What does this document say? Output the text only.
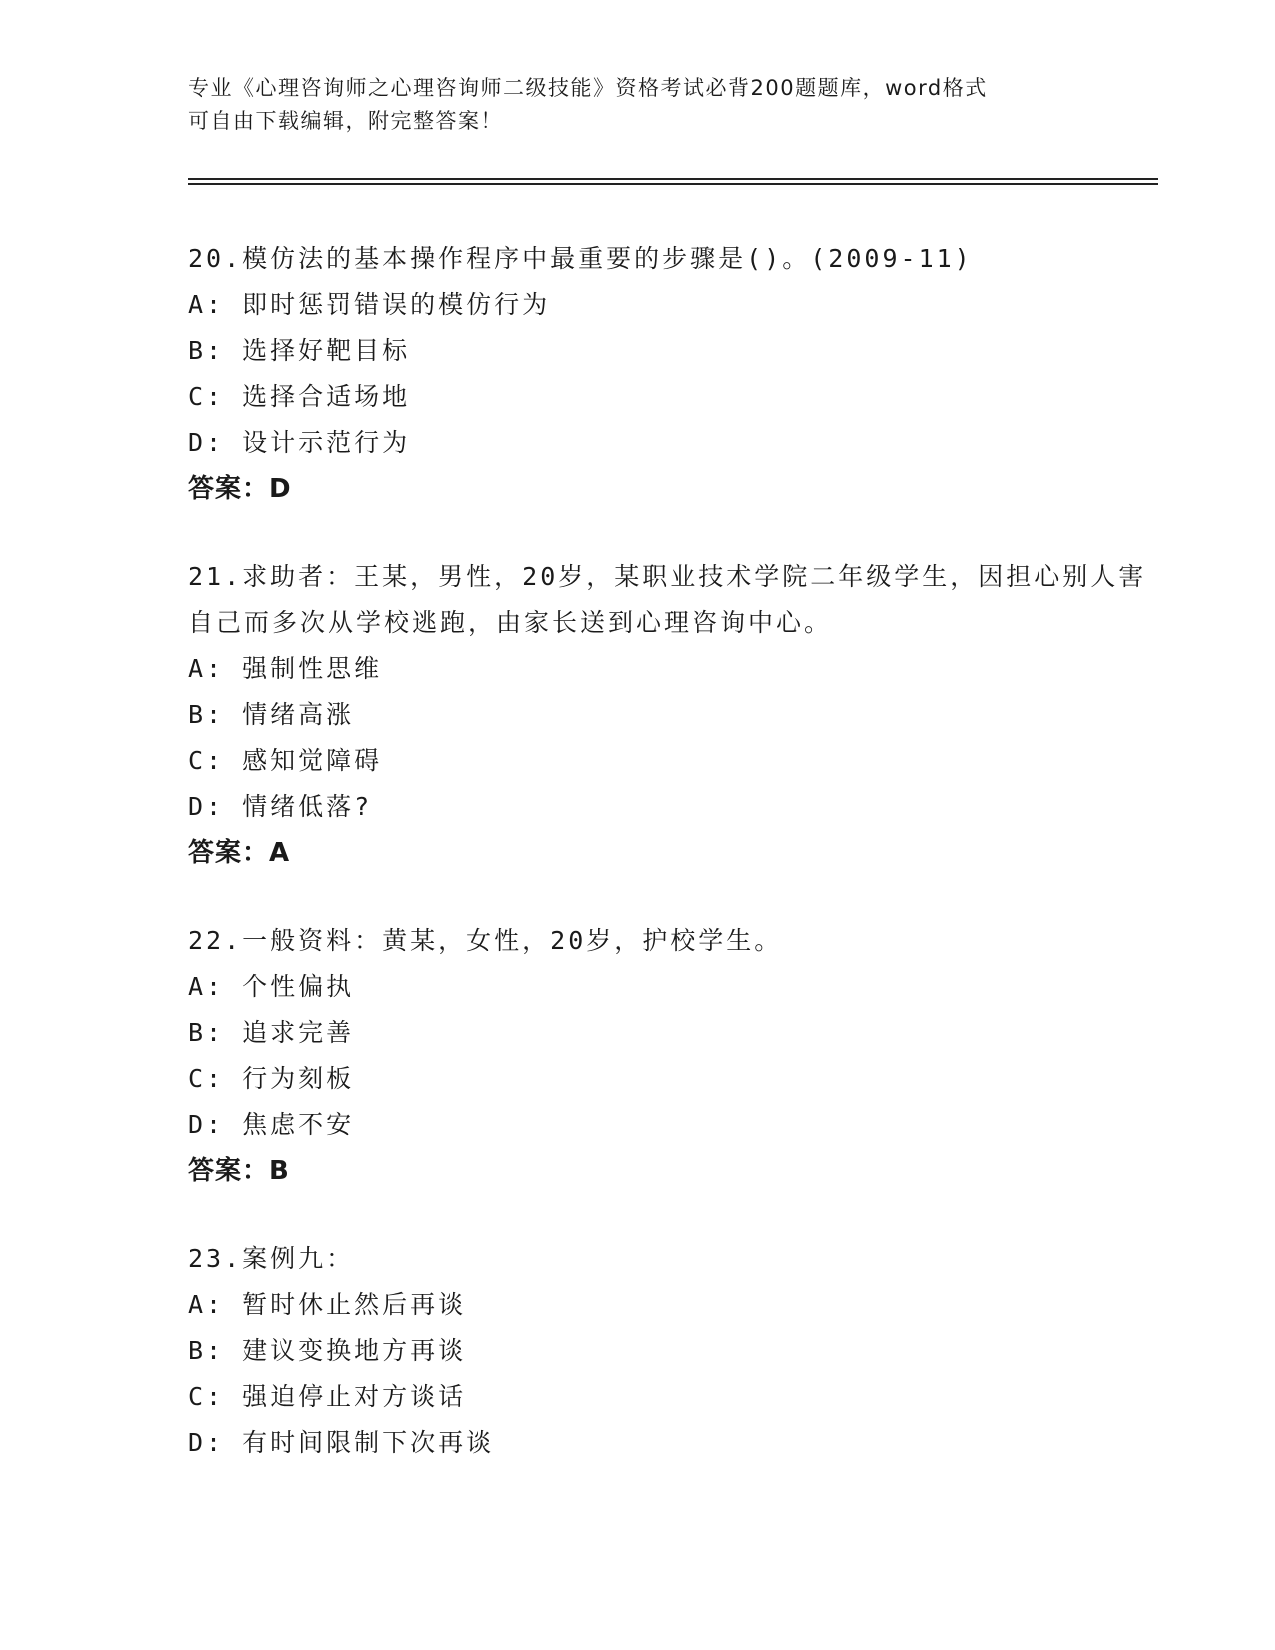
专业《心理咨询师之心理咨询师二级技能》资格考试必背200题题库，word格式
可自由下载编辑，附完整答案！
20.模仿法的基本操作程序中最重要的步骤是()。(2009-11)
A: 即时惩罚错误的模仿行为
B: 选择好靶目标
C: 选择合适场地
D: 设计示范行为
答案：D
21.求助者：王某，男性，20岁，某职业技术学院二年级学生，因担心别人害自己而多次从学校逃跑，由家长送到心理咨询中心。
A: 强制性思维
B: 情绪高涨
C: 感知觉障碍
D: 情绪低落?
答案：A
22.一般资料：黄某，女性，20岁，护校学生。
A: 个性偏执
B: 追求完善
C: 行为刻板
D: 焦虑不安
答案：B
23.案例九：
A: 暂时休止然后再谈
B: 建议变换地方再谈
C: 强迫停止对方谈话
D: 有时间限制下次再谈
